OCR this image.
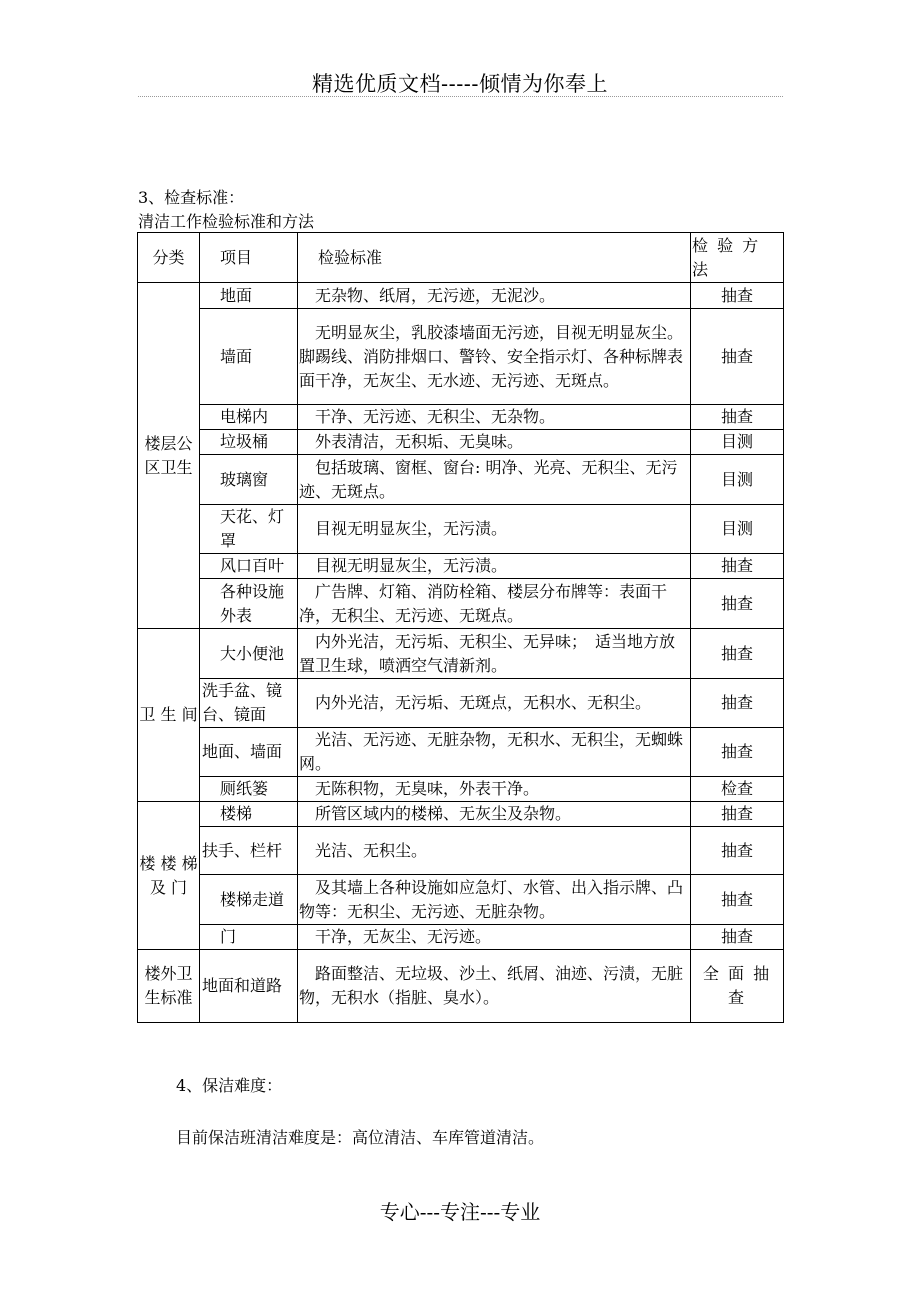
精选优质文档-----倾情为你奉上
3、检查标准：
清洁工作检验标准和方法
分类	项目	检验标准	检 验 方 法
楼层公区卫生	地面	　无杂物、纸屑，无污迹，无泥沙。	抽查
	墙面	　无明显灰尘，乳胶漆墙面无污迹，目视无明显灰尘。　脚踢线、消防排烟口、警铃、安全指示灯、各种标牌表面干净，无灰尘、无水迹、无污迹、无斑点。	抽查
	电梯内	　干净、无污迹、无积尘、无杂物。	抽查
	垃圾桶	　外表清洁，无积垢、无臭味。	目测
	玻璃窗	　包括玻璃、窗框、窗台: 明净、光亮、无积尘、无污迹、无斑点。	目测
	天花、灯罩	　目视无明显灰尘，无污渍。	目测
	风口百叶	　目视无明显灰尘，无污渍。	抽查
	各种设施外表	　广告牌、灯箱、消防栓箱、楼层分布牌等：表面干净，无积尘、无污迹、无斑点。	抽查
卫 生 间	大小便池	　内外光洁，无污垢、无积尘、无异味；　适当地方放置卫生球，喷洒空气清新剂。	抽查
	洗手盆、镜台、镜面	　内外光洁，无污垢、无斑点，无积水、无积尘。	抽查
	地面、墙面	　光洁、无污迹、无脏杂物，无积水、无积尘，无蜘蛛网。	抽查
	厕纸篓	　无陈积物，无臭味，外表干净。	检查
楼 楼 梯 及 门	楼梯	　所管区域内的楼梯、无灰尘及杂物。	抽查
	扶手、栏杆	　光洁、无积尘。	抽查
	楼梯走道	　及其墙上各种设施如应急灯、水管、出入指示牌、凸物等：无积尘、无污迹、无脏杂物。	抽查
	门	　干净，无灰尘、无污迹。	抽查
楼外卫生标准	地面和道路	　路面整洁、无垃圾、沙土、纸屑、油迹、污渍，无脏物，无积水（指脏、臭水）。	全 面 抽 查
4、保洁难度：
目前保洁班清洁难度是：高位清洁、车库管道清洁。
专心---专注---专业
